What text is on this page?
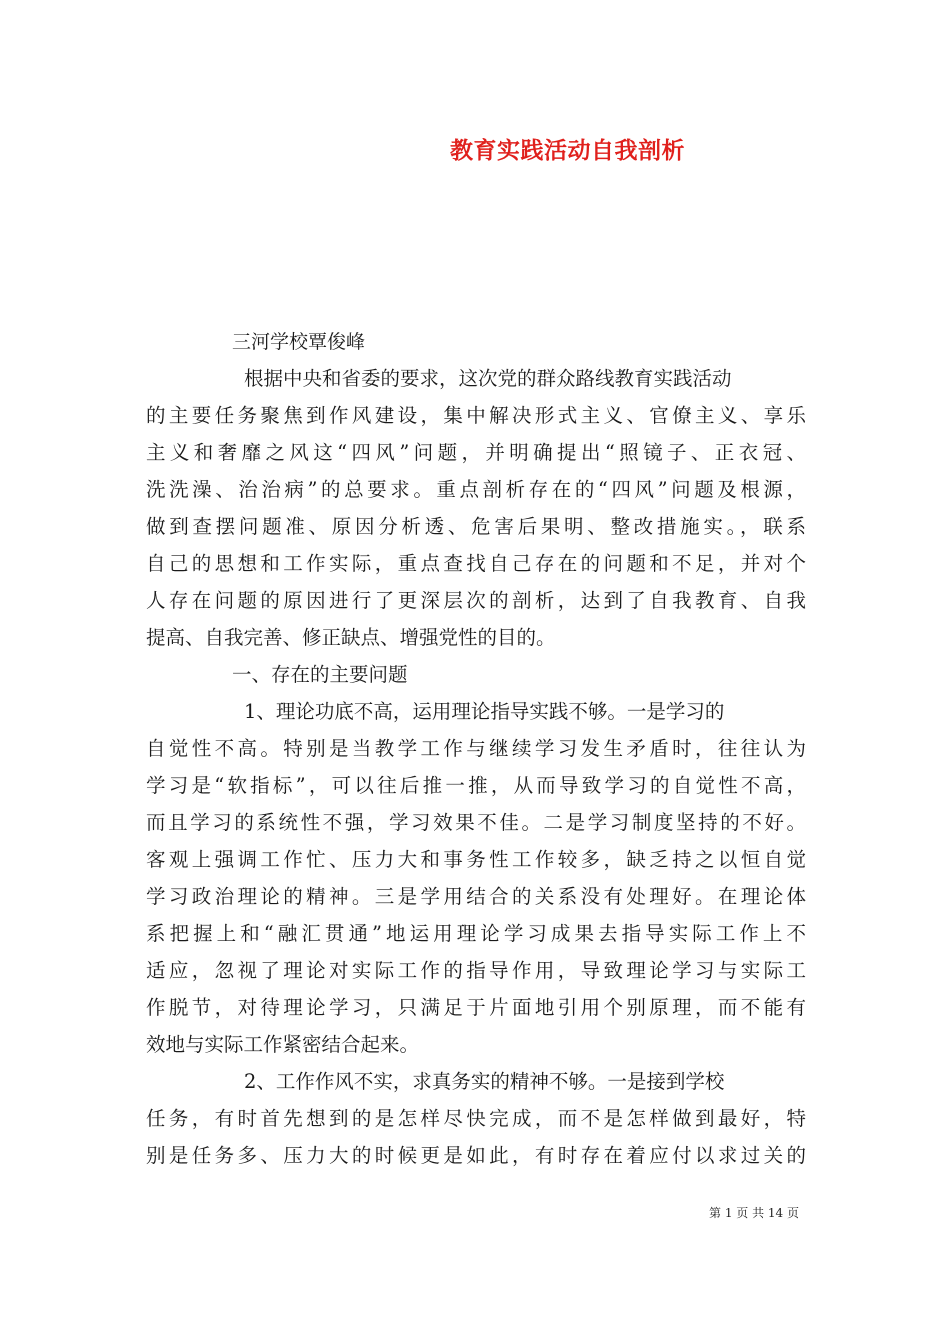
教育实践活动自我剖析
三河学校覃俊峰
根据中央和省委的要求，这次党的群众路线教育实践活动
的主要任务聚焦到作风建设，集中解决形式主义、官僚主义、享乐
主义和奢靡之风这“四风”问题，并明确提出“照镜子、正衣冠、
洗洗澡、治治病”的总要求。重点剖析存在的“四风”问题及根源，
做到查摆问题准、原因分析透、危害后果明、整改措施实。，联系
自己的思想和工作实际，重点查找自己存在的问题和不足，并对个
人存在问题的原因进行了更深层次的剖析，达到了自我教育、自我
提高、自我完善、修正缺点、增强党性的目的。
一、存在的主要问题
1、理论功底不高，运用理论指导实践不够。一是学习的
自觉性不高。特别是当教学工作与继续学习发生矛盾时，往往认为
学习是“软指标”，可以往后推一推，从而导致学习的自觉性不高，
而且学习的系统性不强，学习效果不佳。二是学习制度坚持的不好。
客观上强调工作忙、压力大和事务性工作较多，缺乏持之以恒自觉
学习政治理论的精神。三是学用结合的关系没有处理好。在理论体
系把握上和“融汇贯通”地运用理论学习成果去指导实际工作上不
适应，忽视了理论对实际工作的指导作用，导致理论学习与实际工
作脱节，对待理论学习，只满足于片面地引用个别原理，而不能有
效地与实际工作紧密结合起来。
2、工作作风不实，求真务实的精神不够。一是接到学校
任务，有时首先想到的是怎样尽快完成，而不是怎样做到最好，特
别是任务多、压力大的时候更是如此，有时存在着应付以求过关的
第 1 页 共 14 页
